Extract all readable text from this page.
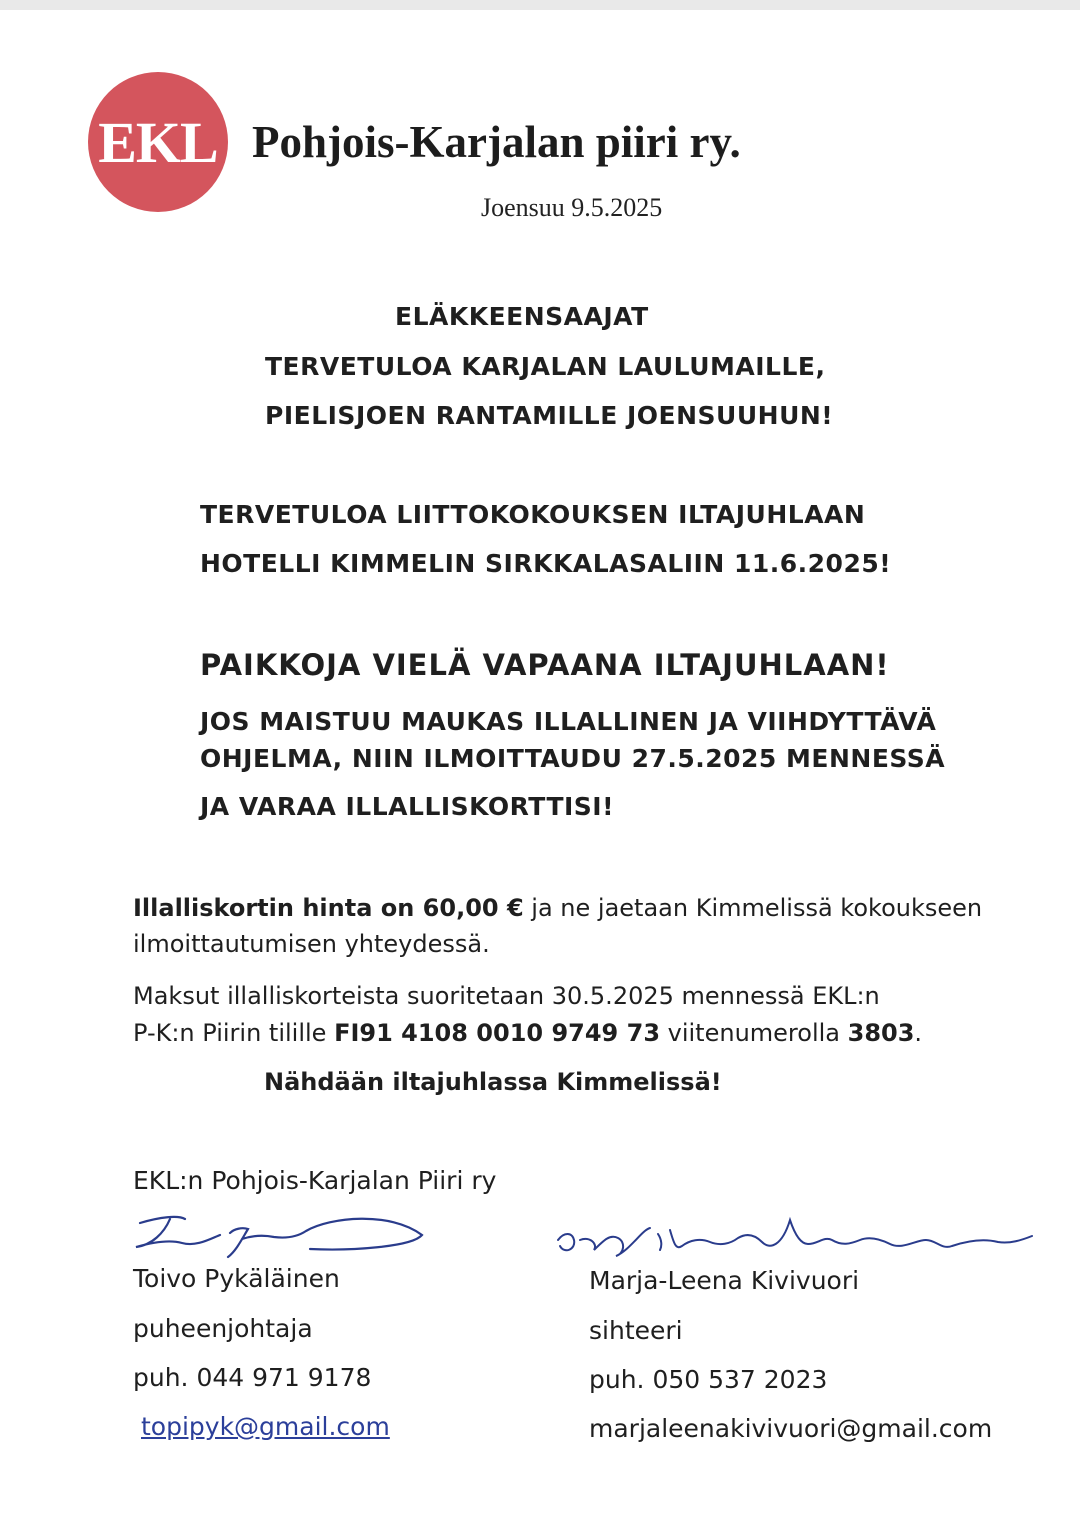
EKL Pohjois-Karjalan piiri ry.
Joensuu 9.5.2025
ELÄKKEENSAAJAT
TERVETULOA KARJALAN LAULUMAILLE,
PIELISJOEN RANTAMILLE JOENSUUHUN!
TERVETULOA LIITTOKOKOUKSEN ILTAJUHLAAN
HOTELLI KIMMELIN SIRKKALASALIIN 11.6.2025!
PAIKKOJA VIELÄ VAPAANA ILTAJUHLAAN!
JOS MAISTUU MAUKAS ILLALLINEN JA VIIHDYTTÄVÄ
OHJELMA, NIIN ILMOITTAUDU 27.5.2025 MENNESSÄ
JA VARAA ILLALLISKORTTISI!
Illalliskortin hinta on 60,00 € ja ne jaetaan Kimmelissä kokoukseen
ilmoittautumisen yhteydessä.
Maksut illalliskorteista suoritetaan 30.5.2025 mennessä EKL:n
P-K:n Piirin tilille FI91 4108 0010 9749 73 viitenumerolla 3803.
Nähdään iltajuhlassa Kimmelissä!
EKL:n Pohjois-Karjalan Piiri ry
Toivo Pykäläinen
puheenjohtaja
puh. 044 971 9178
topipyk@gmail.com
Marja-Leena Kivivuori
sihteeri
puh. 050 537 2023
marjaleenakivivuori@gmail.com
